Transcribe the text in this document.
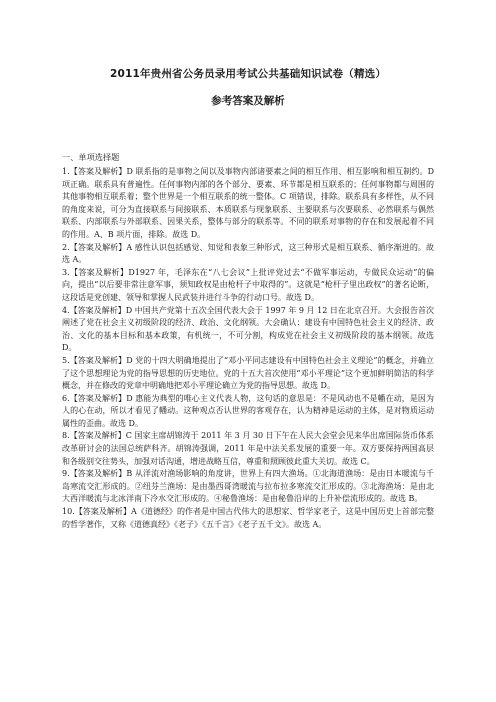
2011年贵州省公务员录用考试公共基础知识试卷（精选）
参考答案及解析
一、单项选择题

1.【答案及解析】D 联系指的是事物之间以及事物内部诸要素之间的相互作用、相互影响和相互制约。D 项正确。联系具有普遍性。任何事物内部的各个部分、要素、环节都是相互联系的；任何事物都与周围的其他事物相互联系着；整个世界是一个相互联系的统一整体。C 项错误，排除。联系具有多样性，从不同的角度来说，可分为直接联系与间接联系、本质联系与现象联系、主要联系与次要联系、必然联系与偶然联系、内部联系与外部联系、因果关系，整体与部分的联系等。不同的联系对事物的存在和发展起着不同的作用。A、B 项片面，排除。故选 D。

2.【答案及解析】A 感性认识包括感觉、知觉和表象三种形式，这三种形式是相互联系、循序渐进的。故选 A。

3.【答案及解析】D1927 年，毛泽东在“八七会议”上批评党过去“不做军事运动，专做民众运动”的偏向，提出“以后要非常注意军事，须知政权是由枪杆子中取得的”。这就是“枪杆子里出政权”的著名论断，这段话是党创建、领导和掌握人民武装并进行斗争的行动口号。故选 D。

4.【答案及解析】D 中国共产党第十五次全国代表大会于 1997 年 9 月 12 日在北京召开。大会报告首次阐述了党在社会主义初级阶段的经济、政治、文化纲领。大会确认：建设有中国特色社会主义的经济、政治、文化的基本目标和基本政策，有机统一，不可分割，构成党在社会主义初级阶段的基本纲领。故选 D。

5.【答案及解析】D 党的十四大明确地提出了“邓小平同志建设有中国特色社会主义理论”的概念，并确立了这个思想理论为党的指导思想的历史地位。党的十五大首次使用“邓小平理论”这个更加鲜明简洁的科学概念，并在修改的党章中明确地把邓小平理论确立为党的指导思想。故选 D。

6.【答案及解析】D 惠能为典型的唯心主义代表人物，这句话的意思是：不是风动也不是幡在动，是因为人的心在动，所以才看见了幡动。这种观点否认世界的客观存在，认为精神是运动的主体，是对物质运动属性的歪曲。故选 D。

8.【答案及解析】C 国家主席胡锦涛于 2011 年 3 月 30 日下午在人民大会堂会见来华出席国际货币体系改革研讨会的法国总统萨科齐。胡锦涛强调，2011 年是中法关系发展的重要一年。双方要保持两国高层和各级别交往势头，加强对话沟通，增进战略互信，尊重和照顾彼此重大关切。故选 C。

9.【答案及解析】B 从洋流对渔场影响的角度讲，世界上有四大渔场。①北海道渔场：是由日本暖流与千岛寒流交汇形成的。②纽芬兰渔场：是由墨西哥湾暖流与拉布拉多寒流交汇形成的。③北海渔场：是由北大西洋暖流与北冰洋南下冷水交汇形成的。④秘鲁渔场：是由秘鲁沿岸的上升补偿流形成的。故选 B。

10.【答案及解析】A《道德经》的作者是中国古代伟大的思想家、哲学家老子，这是中国历史上首部完整的哲学著作，又称《道德真经》《老子》《五千言》《老子五千文》。故选 A。
